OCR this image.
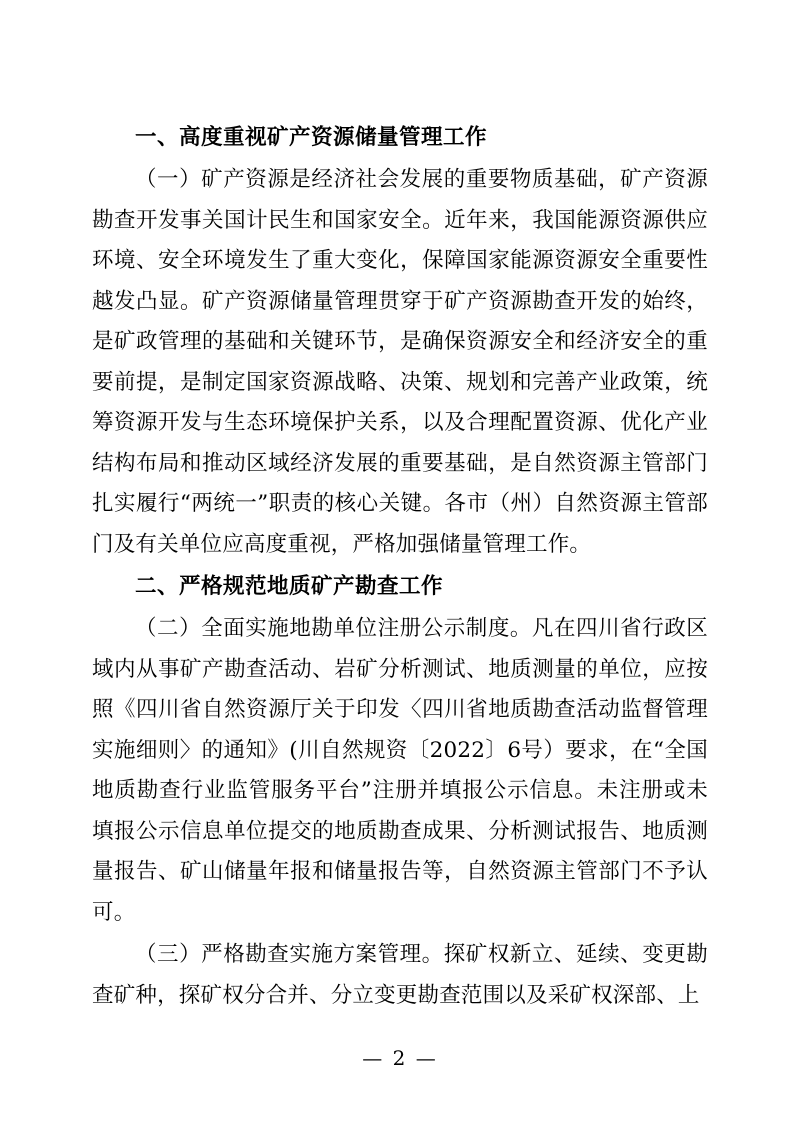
一、高度重视矿产资源储量管理工作

（一）矿产资源是经济社会发展的重要物质基础，矿产资源勘查开发事关国计民生和国家安全。近年来，我国能源资源供应环境、安全环境发生了重大变化，保障国家能源资源安全重要性越发凸显。矿产资源储量管理贯穿于矿产资源勘查开发的始终，是矿政管理的基础和关键环节，是确保资源安全和经济安全的重要前提，是制定国家资源战略、决策、规划和完善产业政策，统筹资源开发与生态环境保护关系，以及合理配置资源、优化产业结构布局和推动区域经济发展的重要基础，是自然资源主管部门扎实履行“两统一”职责的核心关键。各市（州）自然资源主管部门及有关单位应高度重视，严格加强储量管理工作。

二、严格规范地质矿产勘查工作

（二）全面实施地勘单位注册公示制度。凡在四川省行政区域内从事矿产勘查活动、岩矿分析测试、地质测量的单位，应按照《四川省自然资源厅关于印发〈四川省地质勘查活动监督管理实施细则〉的通知》(川自然规资〔2022〕6号）要求，在“全国地质勘查行业监管服务平台”注册并填报公示信息。未注册或未填报公示信息单位提交的地质勘查成果、分析测试报告、地质测量报告、矿山储量年报和储量报告等，自然资源主管部门不予认可。

（三）严格勘查实施方案管理。探矿权新立、延续、变更勘查矿种，探矿权分合并、分立变更勘查范围以及采矿权深部、上

— 2 —
